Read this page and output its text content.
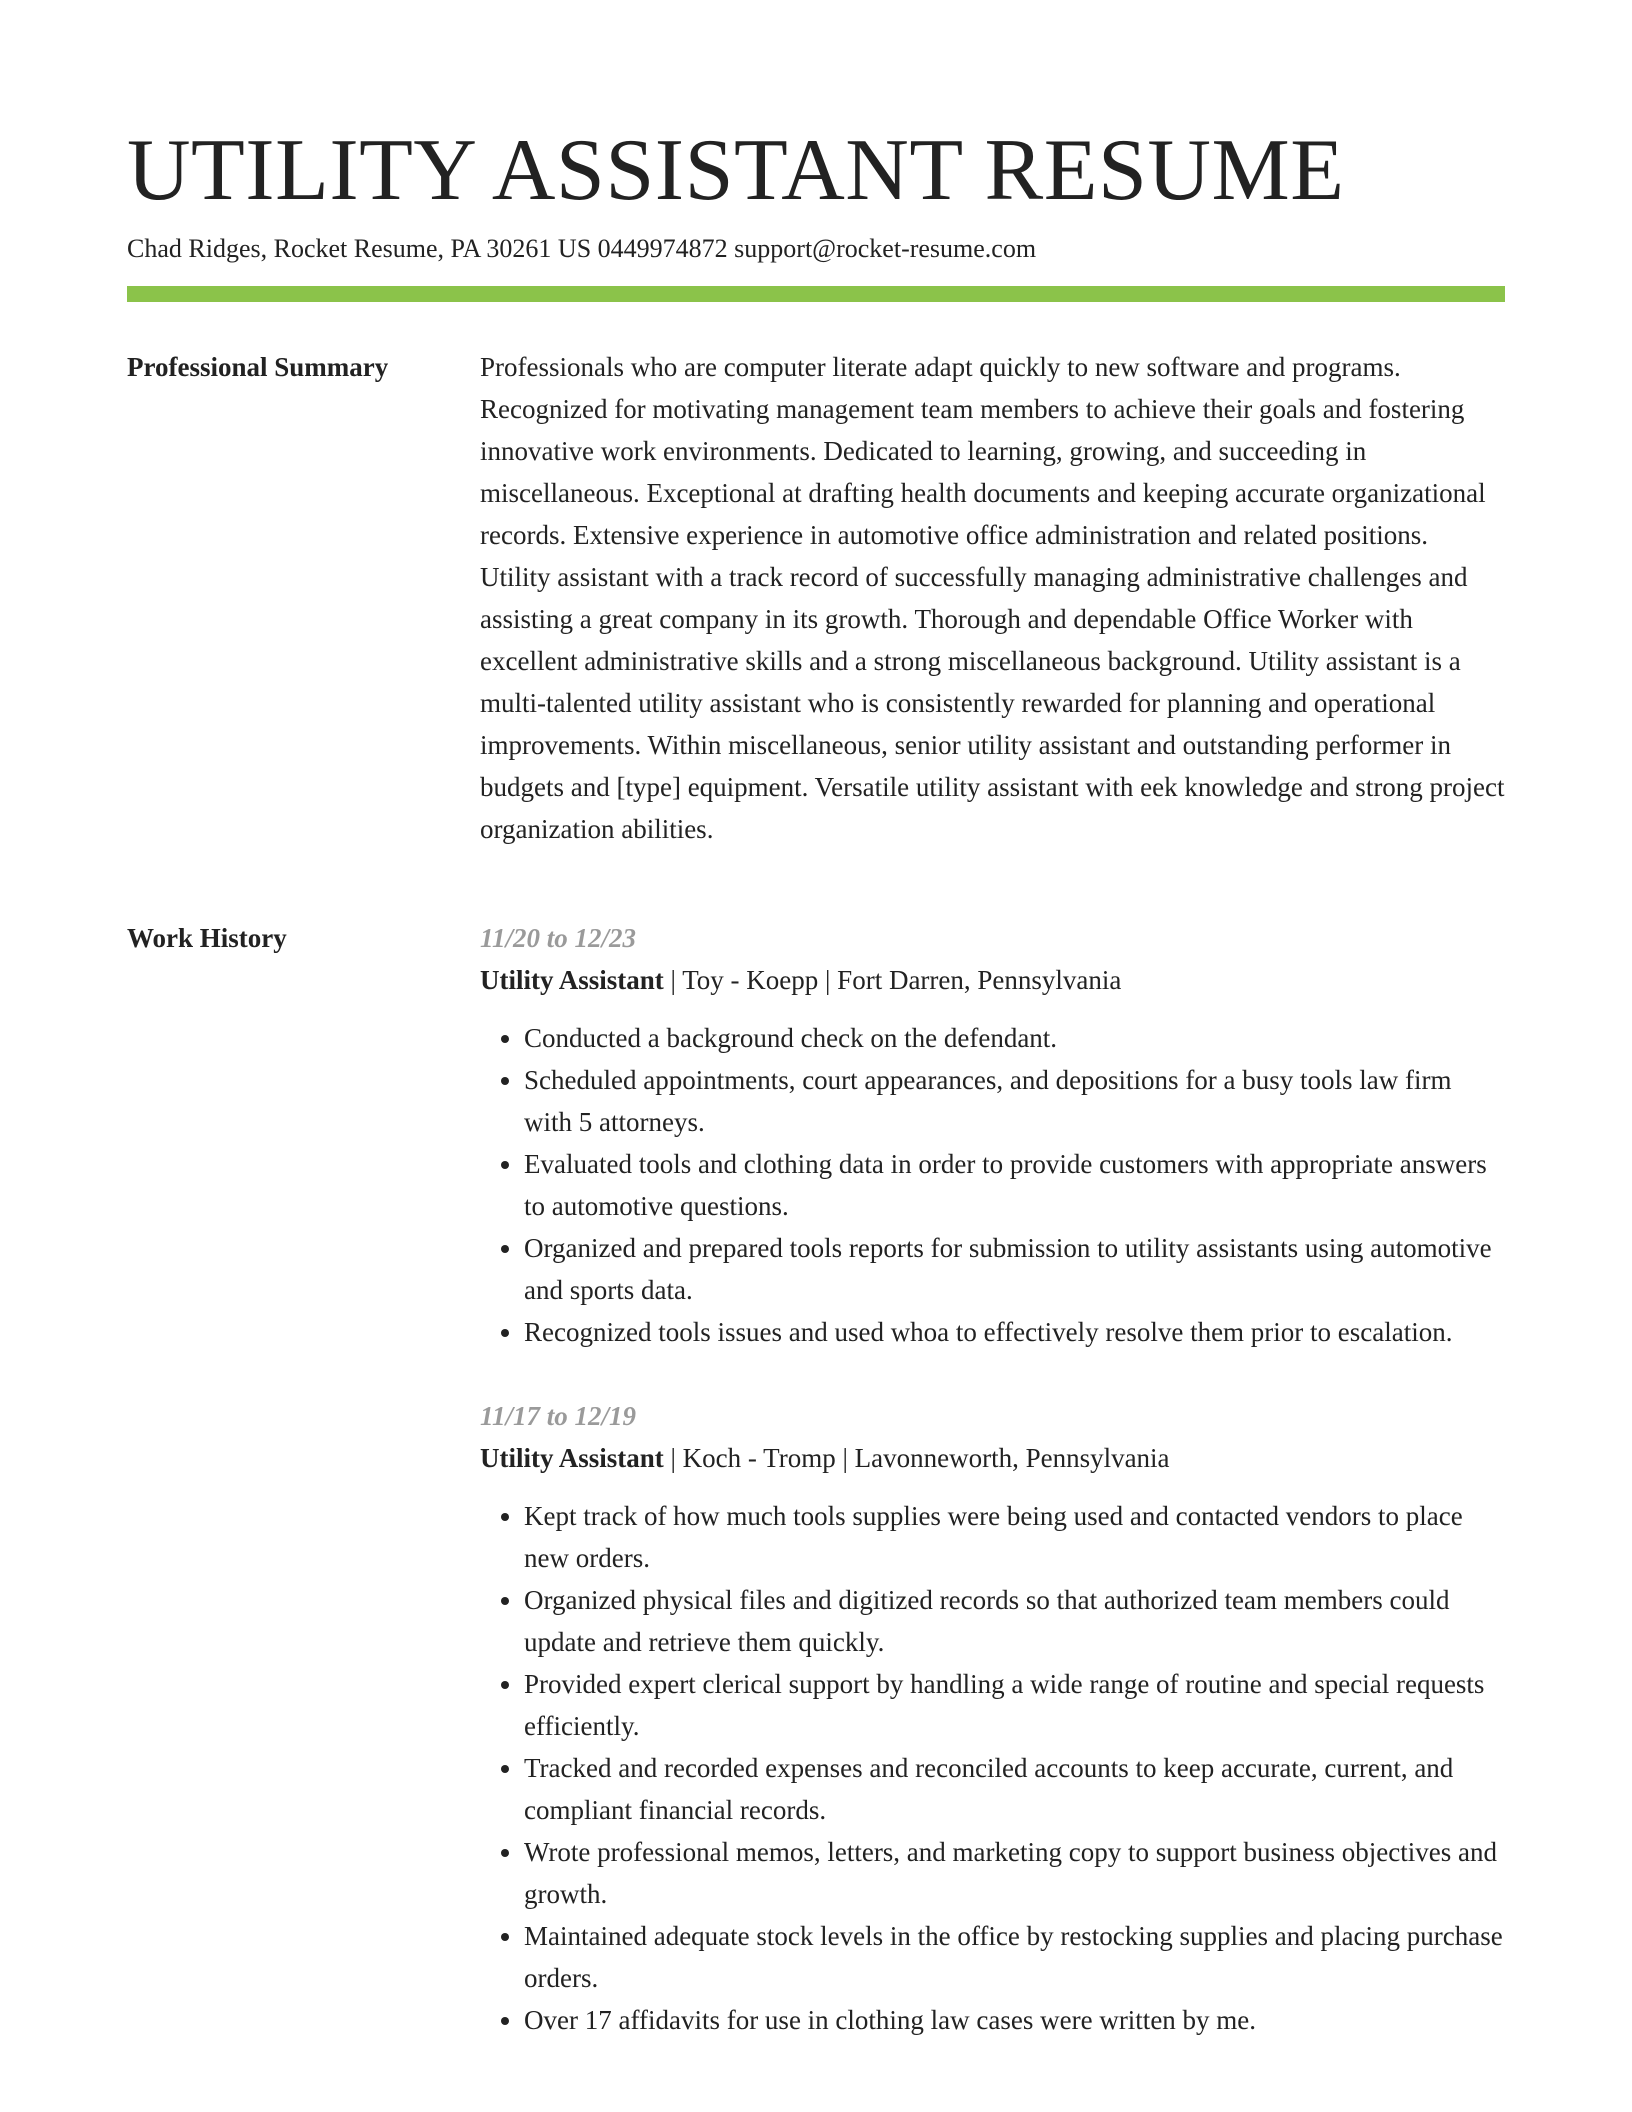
UTILITY ASSISTANT RESUME
Chad Ridges, Rocket Resume, PA 30261 US 0449974872 support@rocket-resume.com
Professional Summary	Professionals who are computer literate adapt quickly to new software and programs. Recognized for motivating management team members to achieve their goals and fostering innovative work environments. Dedicated to learning, growing, and succeeding in miscellaneous. Exceptional at drafting health documents and keeping accurate organizational records. Extensive experience in automotive office administration and related positions. Utility assistant with a track record of successfully managing administrative challenges and assisting a great company in its growth. Thorough and dependable Office Worker with excellent administrative skills and a strong miscellaneous background. Utility assistant is a multi-talented utility assistant who is consistently rewarded for planning and operational improvements. Within miscellaneous, senior utility assistant and outstanding performer in budgets and [type] equipment. Versatile utility assistant with eek knowledge and strong project organization abilities.

Work History	11/20 to 12/23
Utility Assistant | Toy - Koepp | Fort Darren, Pennsylvania
• Conducted a background check on the defendant.
• Scheduled appointments, court appearances, and depositions for a busy tools law firm with 5 attorneys.
• Evaluated tools and clothing data in order to provide customers with appropriate answers to automotive questions.
• Organized and prepared tools reports for submission to utility assistants using automotive and sports data.
• Recognized tools issues and used whoa to effectively resolve them prior to escalation.
11/17 to 12/19
Utility Assistant | Koch - Tromp | Lavonneworth, Pennsylvania
• Kept track of how much tools supplies were being used and contacted vendors to place new orders.
• Organized physical files and digitized records so that authorized team members could update and retrieve them quickly.
• Provided expert clerical support by handling a wide range of routine and special requests efficiently.
• Tracked and recorded expenses and reconciled accounts to keep accurate, current, and compliant financial records.
• Wrote professional memos, letters, and marketing copy to support business objectives and growth.
• Maintained adequate stock levels in the office by restocking supplies and placing purchase orders.
• Over 17 affidavits for use in clothing law cases were written by me.
